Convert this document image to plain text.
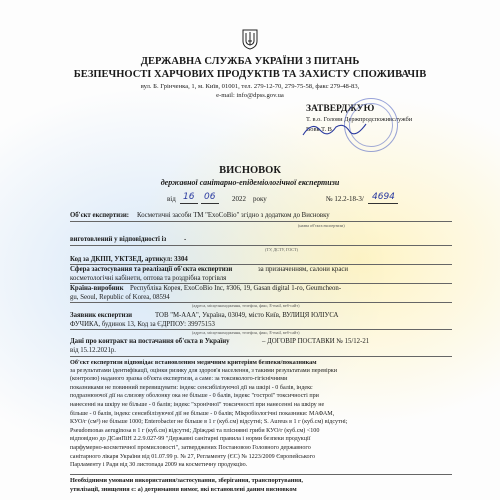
ДЕРЖАВНА СЛУЖБА УКРАЇНИ З ПИТАНЬ
БЕЗПЕЧНОСТІ ХАРЧОВИХ ПРОДУКТІВ ТА ЗАХИСТУ СПОЖИВАЧІВ
вул. Б. Грінченка, 1, м. Київ, 01001, тел. 279-12-70, 279-75-58, факс 279-48-83,
e-mail: info@dpss.gov.ua
ЗАТВЕРДЖУЮ
Т. в.о. Голови Держпродспоживслужби
Вовк Т. В.
ВИСНОВОК
державної санітарно-епідеміологічної експертизи
від 16 06 2022 року	№ 12.2-18-3/ 4694
Об'єкт експертизи: Косметичні засоби ТМ "ExoCoBio" згідно з додатком до Висновку
(назва об'єкта експертизи)
виготовлений у відповідності із	-
(ТУ, ДСТУ, ГОСТ)
Код за ДКПП, УКТЗЕД, артикул: 3304
Сфера застосування та реалізації об'єкта експертизи	за призначенням, салони краси
косметологічні кабінети, оптова та роздрібна торгівля
Країна-виробник Республіка Корея, ExoCoBio Inc, #306, 19, Gasan digital 1-ro, Geumcheon-
gu, Seoul, Republic of Korea, 08594
(адреса, місцезнаходження, телефон, факс, E-mail, веб-сайт)
Заявник експертизи	ТОВ "М-ААА", Україна, 03049, місто Київ, ВУЛИЦЯ ЮЛІУСА
ФУЧИКА, будинок 13, Код за ЄДРПОУ: 39975153
(адреса, місцезнаходження, телефон, факс, E-mail, веб-сайт)
Дані про контракт на постачання об'єкта в Україну	– ДОГОВІР ПОСТАВКИ № 15/12-21
від 15.12.2021р.
Об'єкт експертизи відповідає встановленим медичним критеріям безпеки/показникам
за результатами ідентифікації, оцінки ризику для здоров'я населення, з такими результатами перевірки
(контролю) наданого зразка об'єкта експертизи, а саме: за токсиколого-гігієнічними
показниками не повинний перевищувати: індекс сенсибілізуючої дії на шкірі - 0 балів, індекс
подразнюючої дії на слизову оболонку ока не більше - 0 балів, індекс "гострої" токсичності при
нанесенні на шкіру не більше - 0 балів; індекс "хронічної" токсичності при нанесенні на шкіру не
більше - 0 балів, індекс сенсибілізуючої дії не більше - 0 балів; Мікробіологічні показники: МАФАМ,
КУО/г (см³) не більше 1000; Enterobacter не більше в 1 г (куб.см) відсутні; S. Aureus в 1 г (куб.см) відсутні;
Pseudomonas aeruginosa в 1 г (куб.см) відсутні; Дріжджі та пліснявні гриби КУО/г (куб.см) <100
відповідно до ДСанПіН 2.2.9.027-99 "Державні санітарні правила і норми безпеки продукції
парфумерно-косметичної промисловості", затверджених Постановою Головного державного
санітарного лікаря України від 01.07.99 р. № 27, Регламенту (ЄС) № 1223/2009 Європейського
Парламенту і Ради від 30 листопада 2009 на косметичну продукцію.
Необхідними умовами використання/застосування, зберігання, транспортування,
утилізації, знищення є: а) дотримання вимог, які встановлені даним висновком
